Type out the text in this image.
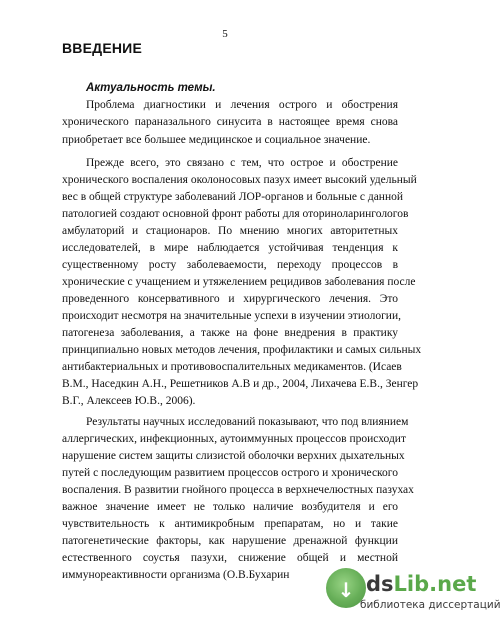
5
ВВЕДЕНИЕ
Актуальность темы.
Проблема диагностики и лечения острого и обострения
хронического параназального синусита в настоящее время снова
приобретает все большее медицинское и социальное значение.
Прежде всего, это связано с тем, что острое и обострение
хронического воспаления околоносовых пазух имеет высокий удельный
вес в общей структуре заболеваний ЛОР-органов и больные с данной
патологией создают основной фронт работы для оториноларингологов
амбулаторий и стационаров. По мнению многих авторитетных
исследователей, в мире наблюдается устойчивая тенденция к
существенному росту заболеваемости, переходу процессов в
хронические с учащением и утяжелением рецидивов заболевания после
проведенного консервативного и хирургического лечения. Это
происходит несмотря на значительные успехи в изучении этиологии,
патогенеза заболевания, а также на фоне внедрения в практику
принципиально новых методов лечения, профилактики и самых сильных
антибактериальных и противовоспалительных медикаментов. (Исаев
В.М., Наседкин А.Н., Решетников А.В и др., 2004, Лихачева Е.В., Зенгер
В.Г., Алексеев Ю.В., 2006).
Результаты научных исследований показывают, что под влиянием
аллергических, инфекционных, аутоиммунных процессов происходит
нарушение систем защиты слизистой оболочки верхних дыхательных
путей с последующим развитием процессов острого и хронического
воспаления. В развитии гнойного процесса в верхнечелюстных пазухах
важное значение имеет не только наличие возбудителя и его
чувствительность к антимикробным препаратам, но и такие
патогенетические факторы, как нарушение дренажной функции
естественного соустья пазухи, снижение общей и местной
иммунореактивности организма (О.В.Бухарин
↓ dsLib.net
библиотека диссертаций
